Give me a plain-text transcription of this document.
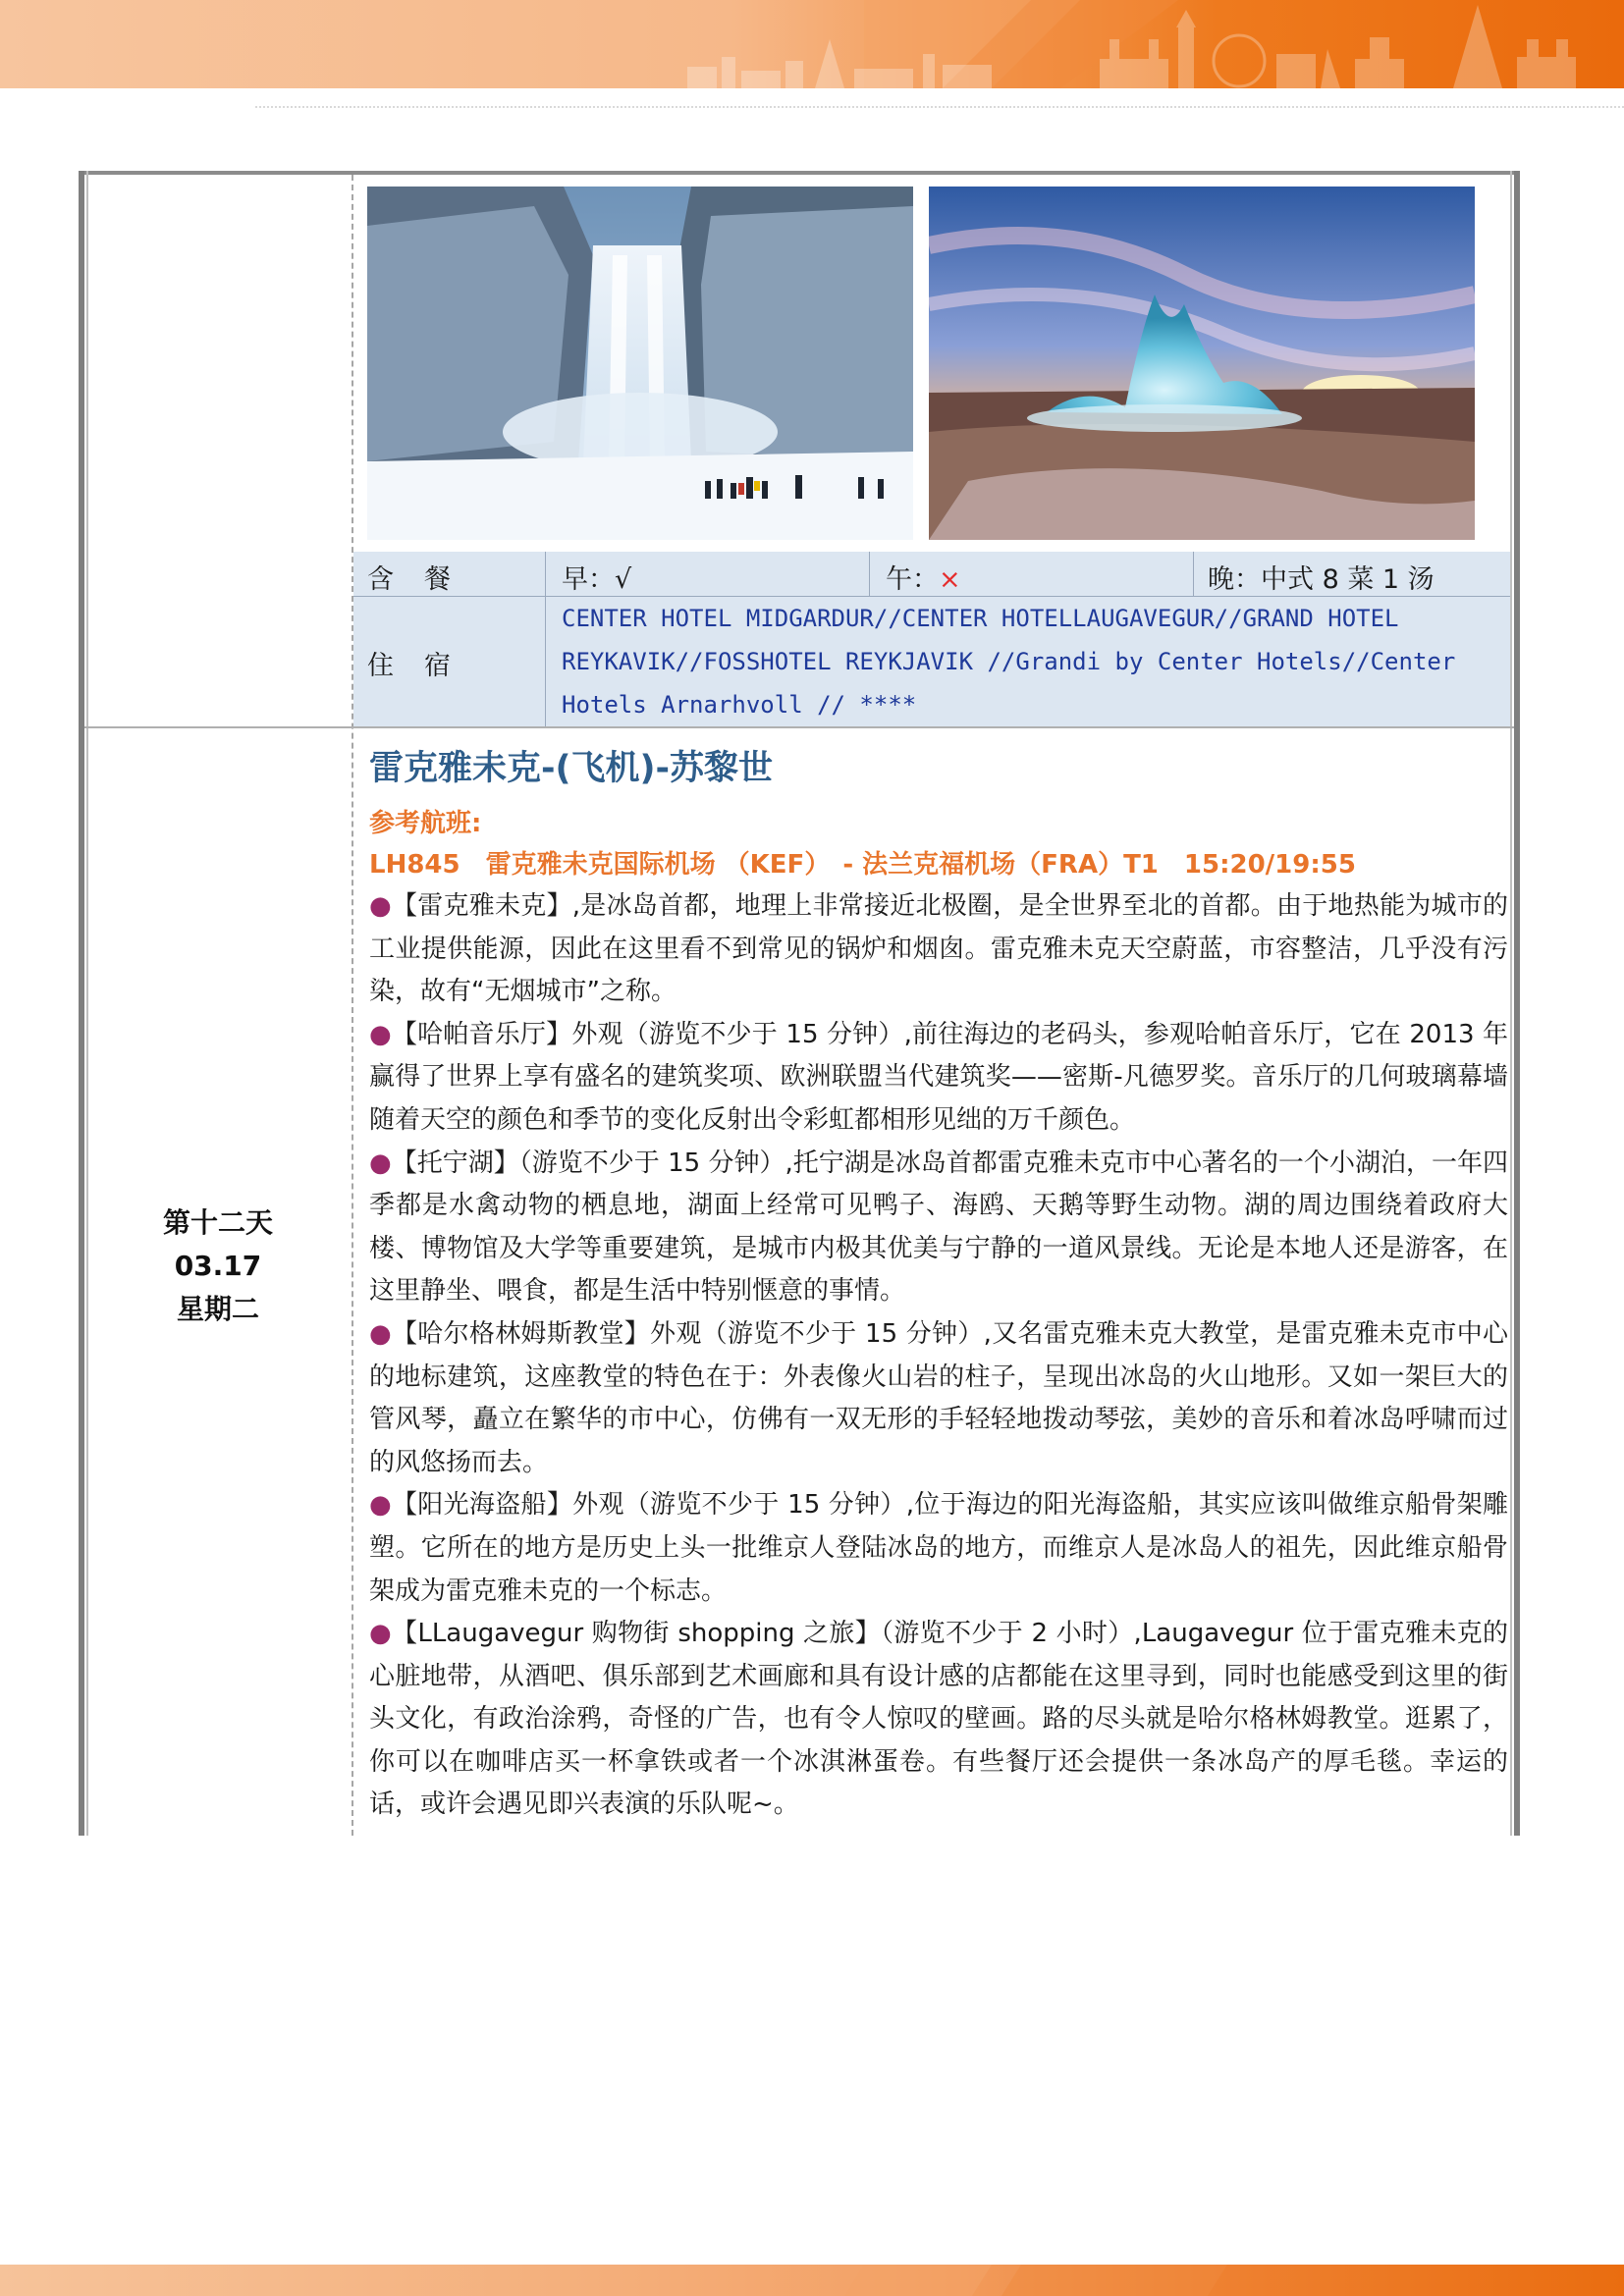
含　餐	早：√	午：×	晚：中式 8 菜 1 汤
住　宿
CENTER HOTEL MIDGARDUR//CENTER HOTELLAUGAVEGUR//GRAND HOTEL REYKAVIK//FOSSHOTEL REYKJAVIK //Grandi by Center Hotels//Center Hotels Arnarhvoll // ****
第十二天
03.17
星期二
雷克雅未克-(飞机)-苏黎世

参考航班:

LH845　雷克雅未克国际机场 （KEF）　- 法兰克福机场（FRA）T1　15:20/19:55

●【雷克雅未克】,是冰岛首都，地理上非常接近北极圈，是全世界至北的首都。由于地热能为城市的工业提供能源，因此在这里看不到常见的锅炉和烟囱。雷克雅未克天空蔚蓝，市容整洁，几乎没有污染，故有“无烟城市”之称。

●【哈帕音乐厅】外观（游览不少于 15 分钟）,前往海边的老码头，参观哈帕音乐厅，它在 2013 年赢得了世界上享有盛名的建筑奖项、欧洲联盟当代建筑奖——密斯-凡德罗奖。音乐厅的几何玻璃幕墙随着天空的颜色和季节的变化反射出令彩虹都相形见绌的万千颜色。

●【托宁湖】（游览不少于 15 分钟）,托宁湖是冰岛首都雷克雅未克市中心著名的一个小湖泊，一年四季都是水禽动物的栖息地，湖面上经常可见鸭子、海鸥、天鹅等野生动物。湖的周边围绕着政府大楼、博物馆及大学等重要建筑，是城市内极其优美与宁静的一道风景线。无论是本地人还是游客，在这里静坐、喂食，都是生活中特别惬意的事情。

●【哈尔格林姆斯教堂】外观（游览不少于 15 分钟）,又名雷克雅未克大教堂，是雷克雅未克市中心的地标建筑，这座教堂的特色在于：外表像火山岩的柱子，呈现出冰岛的火山地形。又如一架巨大的管风琴，矗立在繁华的市中心，仿佛有一双无形的手轻轻地拨动琴弦，美妙的音乐和着冰岛呼啸而过的风悠扬而去。

●【阳光海盗船】外观（游览不少于 15 分钟）,位于海边的阳光海盗船，其实应该叫做维京船骨架雕塑。它所在的地方是历史上头一批维京人登陆冰岛的地方，而维京人是冰岛人的祖先，因此维京船骨架成为雷克雅未克的一个标志。

●【LLaugavegur 购物街 shopping 之旅】（游览不少于 2 小时）,Laugavegur 位于雷克雅未克的心脏地带，从酒吧、俱乐部到艺术画廊和具有设计感的店都能在这里寻到，同时也能感受到这里的街头文化，有政治涂鸦，奇怪的广告，也有令人惊叹的壁画。路的尽头就是哈尔格林姆教堂。逛累了，你可以在咖啡店买一杯拿铁或者一个冰淇淋蛋卷。有些餐厅还会提供一条冰岛产的厚毛毯。幸运的话，或许会遇见即兴表演的乐队呢~。
